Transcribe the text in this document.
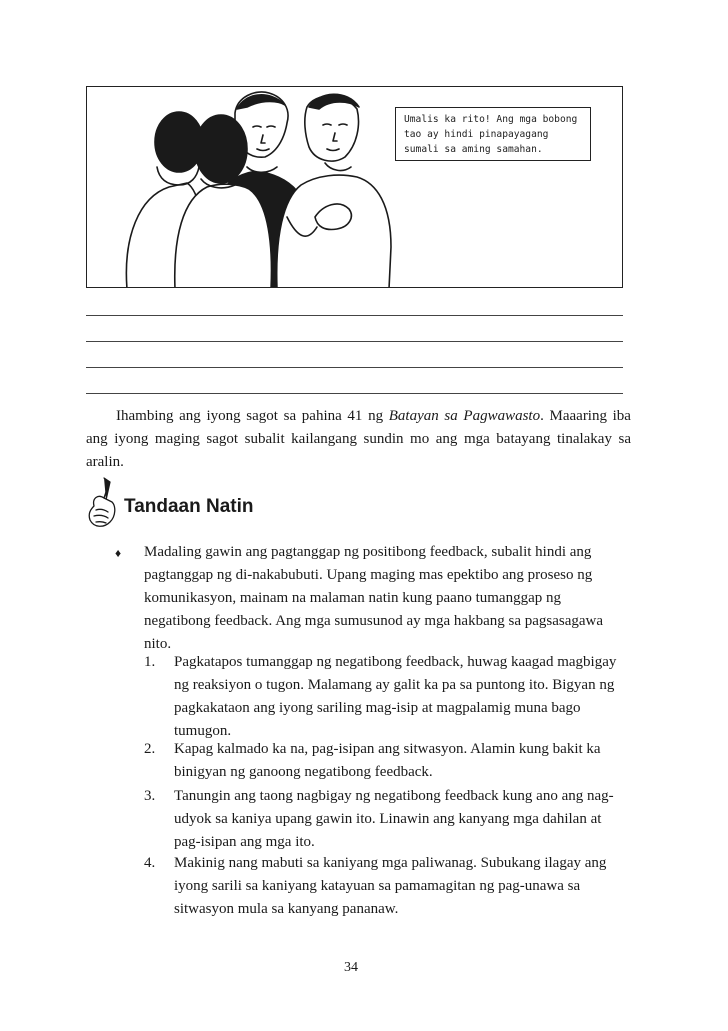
Umalis ka rito! Ang mga bobong tao ay hindi pinapayagang sumali sa aming samahan.
Ihambing ang iyong sagot sa pahina 41 ng Batayan sa Pagwawasto. Maaaring iba ang iyong maging sagot subalit kailangang sundin mo ang mga batayang tinalakay sa aralin.
Tandaan Natin
♦ Madaling gawin ang pagtanggap ng positibong feedback, subalit hindi ang pagtanggap ng di-nakabubuti. Upang maging mas epektibo ang proseso ng komunikasyon, mainam na malaman natin kung paano tumanggap ng negatibong feedback. Ang mga sumusunod ay mga hakbang sa pagsasagawa nito.
1. Pagkatapos tumanggap ng negatibong feedback, huwag kaagad magbigay ng reaksiyon o tugon. Malamang ay galit ka pa sa puntong ito. Bigyan ng pagkakataon ang iyong sariling mag-isip at magpalamig muna bago tumugon.
2. Kapag kalmado ka na, pag-isipan ang sitwasyon. Alamin kung bakit ka binigyan ng ganoong negatibong feedback.
3. Tanungin ang taong nagbigay ng negatibong feedback kung ano ang nag-udyok sa kaniya upang gawin ito. Linawin ang kanyang mga dahilan at pag-isipan ang mga ito.
4. Makinig nang mabuti sa kaniyang mga paliwanag. Subukang ilagay ang iyong sarili sa kaniyang katayuan sa pamamagitan ng pag-unawa sa sitwasyon mula sa kanyang pananaw.
34
